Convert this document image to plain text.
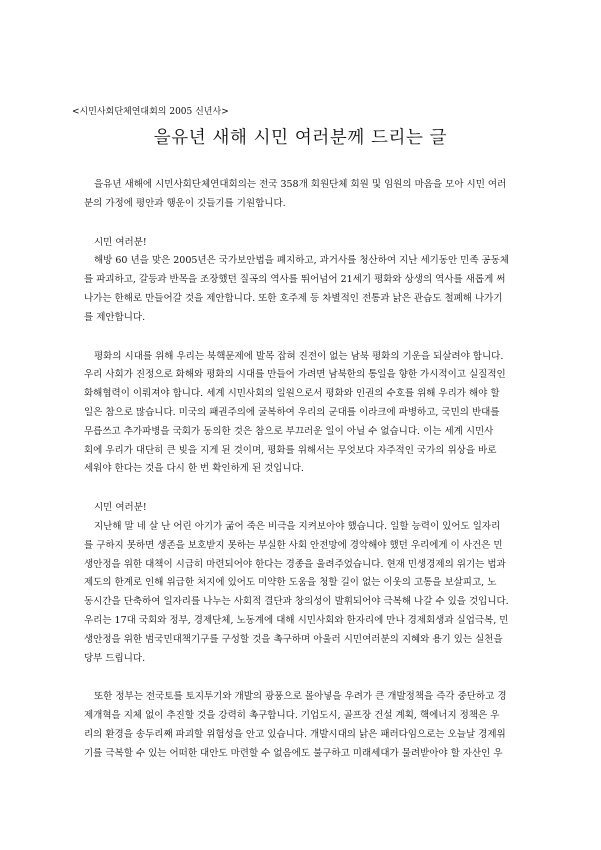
<시민사회단체연대회의 2005 신년사>
을유년 새해 시민 여러분께 드리는 글
을유년 새해에 시민사회단체연대회의는 전국 358개 회원단체 회원 및 임원의 마음을 모아 시민 여러
분의 가정에 평안과 행운이 깃들기를 기원합니다.
시민 여러분!
해방 60 년을 맞은 2005년은 국가보안법을 폐지하고, 과거사를 청산하여 지난 세기동안 민족 공동체
를 파괴하고, 갈등과 반목을 조장했던 질곡의 역사를 뛰어넘어 21세기 평화와 상생의 역사를 새롭게 써
나가는 한해로 만들어갈 것을 제안합니다. 또한 호주제 등 차별적인 전통과 낡은 관습도 철폐해 나가기
를 제안합니다.
평화의 시대를 위해 우리는 북핵문제에 발목 잡혀 진전이 없는 남북 평화의 기운을 되살려야 합니다.
우리 사회가 진정으로 화해와 평화의 시대를 만들어 가려면 남북한의 통일을 향한 가시적이고 실질적인
화해협력이 이뤄져야 합니다. 세계 시민사회의 일원으로서 평화와 인권의 수호를 위해 우리가 해야 할
일은 참으로 많습니다. 미국의 패권주의에 굴복하여 우리의 군대를 이라크에 파병하고, 국민의 반대를
무릅쓰고 추가파병을 국회가 동의한 것은 참으로 부끄러운 일이 아닐 수 없습니다. 이는 세계 시민사
회에 우리가 대단히 큰 빚을 지게 된 것이며, 평화를 위해서는 무엇보다 자주적인 국가의 위상을 바로
세워야 한다는 것을 다시 한 번 확인하게 된 것입니다.
시민 여러분!
지난해 말 네 살 난 어린 아기가 굶어 죽은 비극을 지켜보아야 했습니다. 일할 능력이 있어도 일자리
를 구하지 못하면 생존을 보호받지 못하는 부실한 사회 안전망에 경악해야 했던 우리에게 이 사건은 민
생안정을 위한 대책이 시급히 마련되어야 한다는 경종을 울려주었습니다. 현재 민생경제의 위기는 법과
제도의 한계로 인해 위급한 처지에 있어도 미약한 도움을 청할 길이 없는 이웃의 고통을 보살피고, 노
동시간을 단축하여 일자리를 나누는 사회적 결단과 창의성이 발휘되어야 극복해 나갈 수 있을 것입니다.
우리는 17대 국회와 정부, 경제단체, 노동계에 대해 시민사회와 한자리에 만나 경제회생과 실업극복, 민
생안정을 위한 범국민대책기구를 구성할 것을 촉구하며 아울러 시민여러분의 지혜와 용기 있는 실천을
당부 드립니다.
또한 정부는 전국토를 토지투기와 개발의 광풍으로 몰아넣을 우려가 큰 개발정책을 즉각 중단하고 경
제개혁을 지체 없이 추진할 것을 강력히 촉구합니다. 기업도시, 골프장 건설 계획, 핵에너지 정책은 우
리의 환경을 송두리째 파괴할 위험성을 안고 있습니다. 개발시대의 낡은 패러다임으로는 오늘날 경제위
기를 극복할 수 있는 어떠한 대안도 마련할 수 없음에도 불구하고 미래세대가 물려받아야 할 자산인 우
